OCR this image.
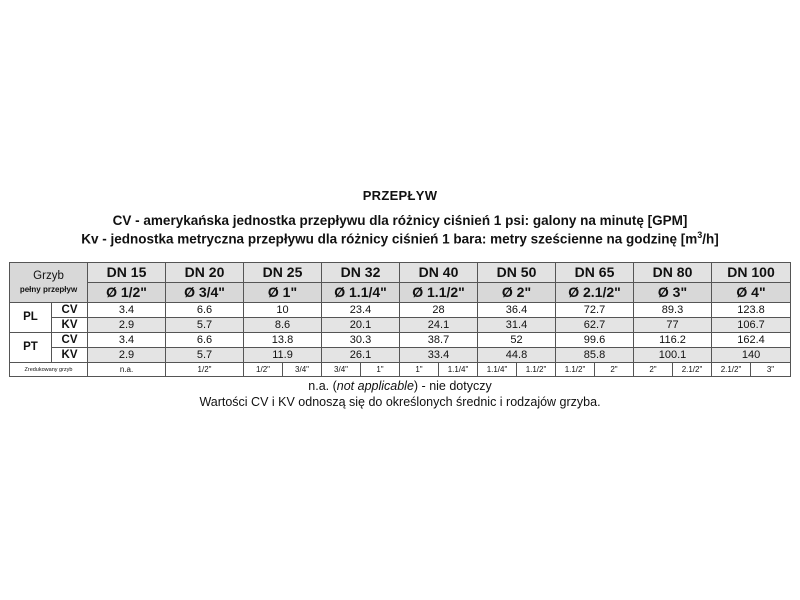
PRZEPŁYW
CV - amerykańska jednostka przepływu dla różnicy ciśnień 1 psi: galony na minutę [GPM]
Kv - jednostka metryczna przepływu dla różnicy ciśnień 1 bara: metry sześcienne na godzinę $[m^3/h]$
Grzyb
pełny przepływ		DN 15	DN 20	DN 25		DN 32		DN 40		DN 50		DN 65		DN 80		DN 100	
		Ø 1/2"	Ø 3/4"	Ø 1"		Ø 1.1/4"		Ø 1.1/2"		Ø 2"		Ø 2.1/2"		Ø 3"		Ø 4"	
PL	CV	3.4	6.6	10		23.4		28		36.4		72.7		89.3		123.8	
	KV	2.9	5.7	8.6		20.1		24.1		31.4		62.7		77		106.7	
PT	CV	3.4	6.6	13.8		30.3		38.7		52		99.6		116.2		162.4	
	KV	2.9	5.7	11.9		26.1		33.4		44.8		85.8		100.1		140	
Zredukowany grzyb		n.a.	1/2"	1/2"	3/4"	3/4"	1"	1"	1.1/4"	1.1/4"	1.1/2"	1.1/2"	2"	2"	2.1/2"	2.1/2"	3"
n.a. (not applicable) - nie dotyczy
Wartości CV i KV odnoszą się do określonych średnic i rodzajów grzyba.
